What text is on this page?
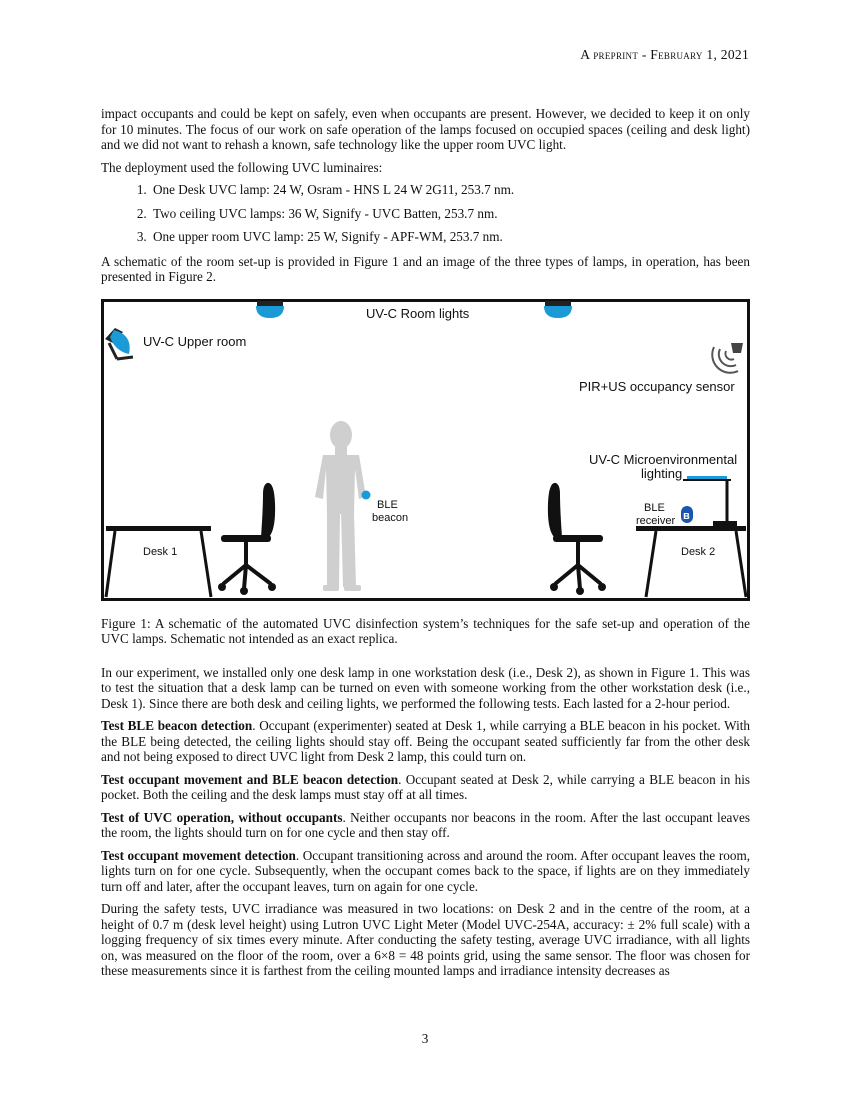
A preprint - February 1, 2021

impact occupants and could be kept on safely, even when occupants are present. However, we decided to keep it on only for 10 minutes. The focus of our work on safe operation of the lamps focused on occupied spaces (ceiling and desk light) and we did not want to rehash a known, safe technology like the upper room UVC light.

The deployment used the following UVC luminaires:

1. One Desk UVC lamp: 24 W, Osram - HNS L 24 W 2G11, 253.7 nm.
2. Two ceiling UVC lamps: 36 W, Signify - UVC Batten, 253.7 nm.
3. One upper room UVC lamp: 25 W, Signify - APF-WM, 253.7 nm.

A schematic of the room set-up is provided in Figure 1 and an image of the three types of lamps, in operation, has been presented in Figure 2.

UV-C Room lights
UV-C Upper room
PIR+US occupancy sensor
BLE
beacon
Desk 1	Desk 2
UV-C Microenvironmental
lighting
BLE
receiver ʙ

Figure 1: A schematic of the automated UVC disinfection system’s techniques for the safe set-up and operation of the UVC lamps. Schematic not intended as an exact replica.

In our experiment, we installed only one desk lamp in one workstation desk (i.e., Desk 2), as shown in Figure 1. This was to test the situation that a desk lamp can be turned on even with someone working from the other workstation desk (i.e., Desk 1). Since there are both desk and ceiling lights, we performed the following tests. Each lasted for a 2-hour period.

Test BLE beacon detection. Occupant (experimenter) seated at Desk 1, while carrying a BLE beacon in his pocket. With the BLE being detected, the ceiling lights should stay off. Being the occupant seated sufficiently far from the other desk and not being exposed to direct UVC light from Desk 2 lamp, this could turn on.

Test occupant movement and BLE beacon detection. Occupant seated at Desk 2, while carrying a BLE beacon in his pocket. Both the ceiling and the desk lamps must stay off at all times.

Test of UVC operation, without occupants. Neither occupants nor beacons in the room. After the last occupant leaves the room, the lights should turn on for one cycle and then stay off.

Test occupant movement detection. Occupant transitioning across and around the room. After occupant leaves the room, lights turn on for one cycle. Subsequently, when the occupant comes back to the space, if lights are on they immediately turn off and later, after the occupant leaves, turn on again for one cycle.

During the safety tests, UVC irradiance was measured in two locations: on Desk 2 and in the centre of the room, at a height of 0.7 m (desk level height) using Lutron UVC Light Meter (Model UVC-254A, accuracy: ± 2% full scale) with a logging frequency of six times every minute. After conducting the safety testing, average UVC irradiance, with all lights on, was measured on the floor of the room, over a 6×8 = 48 points grid, using the same sensor. The floor was chosen for these measurements since it is farthest from the ceiling mounted lamps and irradiance intensity decreases as

3
